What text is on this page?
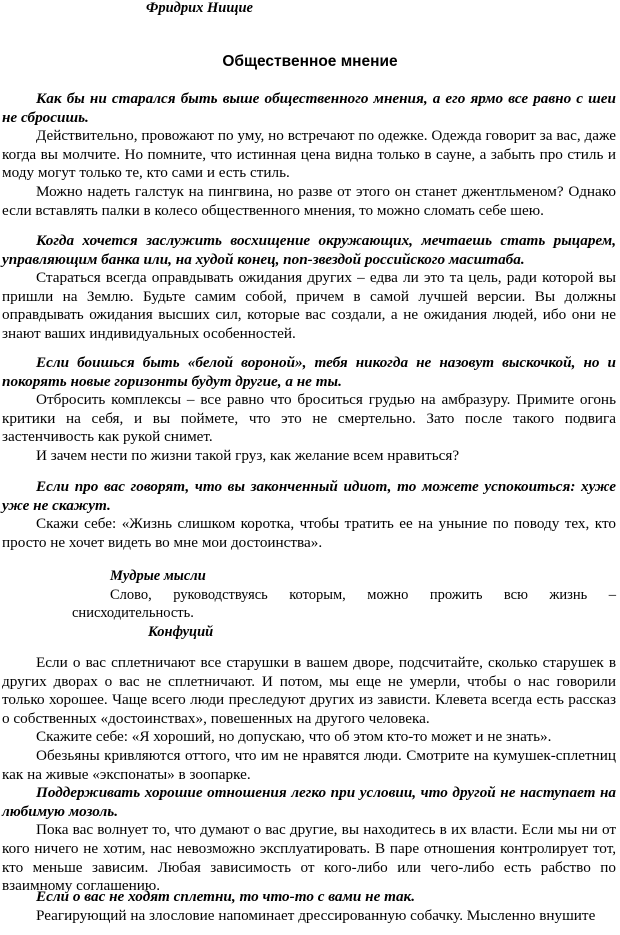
Фридрих Нищие
Общественное мнение

Как бы ни старался быть выше общественного мнения, а его ярмо все равно с шеи не сбросишь.

Действительно, провожают по уму, но встречают по одежке. Одежда говорит за вас, даже когда вы молчите. Но помните, что истинная цена видна только в сауне, а забыть про стиль и моду могут только те, кто сами и есть стиль.

Можно надеть галстук на пингвина, но разве от этого он станет джентльменом? Однако если вставлять палки в колесо общественного мнения, то можно сломать себе шею.

Когда хочется заслужить восхищение окружающих, мечтаешь стать рыцарем, управляющим банка или, на худой конец, поп-звездой российского масштаба.

Стараться всегда оправдывать ожидания других – едва ли это та цель, ради которой вы пришли на Землю. Будьте самим собой, причем в самой лучшей версии. Вы должны оправдывать ожидания высших сил, которые вас создали, а не ожидания людей, ибо они не знают ваших индивидуальных особенностей.

Если боишься быть «белой вороной», тебя никогда не назовут выскочкой, но и покорять новые горизонты будут другие, а не ты.

Отбросить комплексы – все равно что броситься грудью на амбразуру. Примите огонь критики на себя, и вы поймете, что это не смертельно. Зато после такого подвига застенчивость как рукой снимет.

И зачем нести по жизни такой груз, как желание всем нравиться?

Если про вас говорят, что вы законченный идиот, то можете успокоиться: хуже уже не скажут.

Скажи себе: «Жизнь слишком коротка, чтобы тратить ее на уныние по поводу тех, кто просто не хочет видеть во мне мои достоинства».

Мудрые мысли
Слово, руководствуясь которым, можно прожить всю жизнь – снисходительность.
Конфуций

Если о вас сплетничают все старушки в вашем дворе, подсчитайте, сколько старушек в других дворах о вас не сплетничают. И потом, мы еще не умерли, чтобы о нас говорили только хорошее. Чаще всего люди преследуют других из зависти. Клевета всегда есть рассказ о собственных «достоинствах», повешенных на другого человека.

Скажите себе: «Я хороший, но допускаю, что об этом кто-то может и не знать».

Обезьяны кривляются оттого, что им не нравятся люди. Смотрите на кумушек-сплетниц как на живые «экспонаты» в зоопарке.

Поддерживать хорошие отношения легко при условии, что другой не наступает на любимую мозоль.

Пока вас волнует то, что думают о вас другие, вы находитесь в их власти. Если мы ни от кого ничего не хотим, нас невозможно эксплуатировать. В паре отношения контролирует тот, кто меньше зависим. Любая зависимость от кого-либо или чего-либо есть рабство по взаимному соглашению.

Если о вас не ходят сплетни, то что-то с вами не так.

Реагирующий на злословие напоминает дрессированную собачку. Мысленно внушите
